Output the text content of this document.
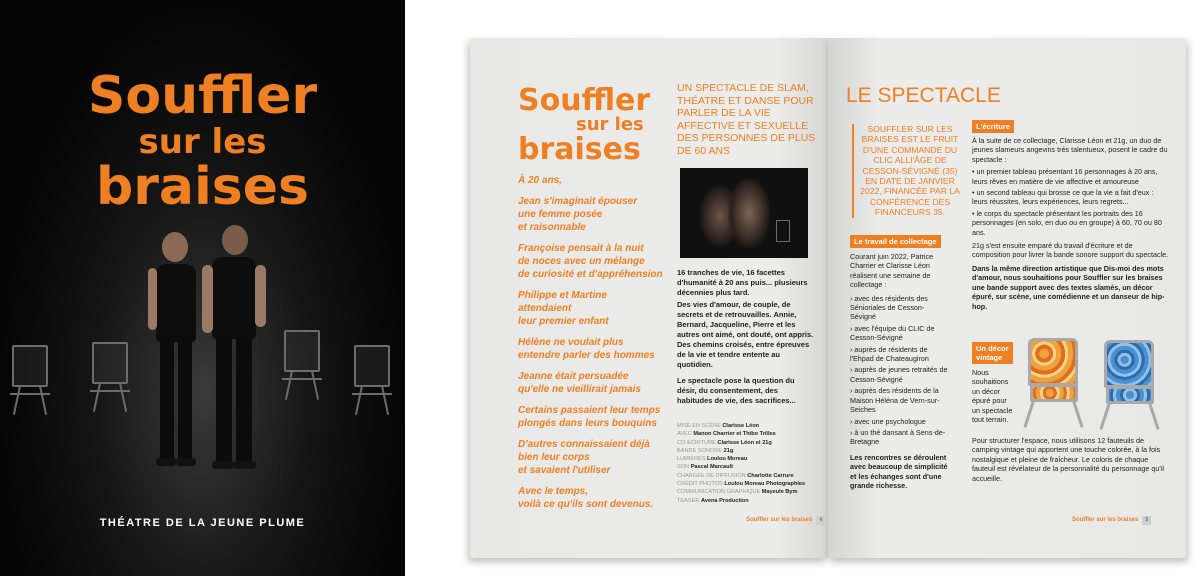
Souffler
sur les
braises
THÉATRE DE LA JEUNE PLUME
Souffler
sur les
braises
UN SPECTACLE DE SLAM, THÉATRE ET DANSE POUR PARLER DE LA VIE AFFECTIVE ET SEXUELLE DES PERSONNES DE PLUS DE 60 ANS
À 20 ans,
Jean s'imaginait épouser
une femme posée
et raisonnable
Françoise pensait à la nuit
de noces avec un mélange
de curiosité et d'appréhension
Philippe et Martine
attendaient
leur premier enfant
Hélène ne voulait plus
entendre parler des hommes
Jeanne était persuadée
qu'elle ne vieillirait jamais
Certains passaient leur temps
plongés dans leurs bouquins
D'autres connaissaient déjà
bien leur corps
et savaient l'utiliser
Avec le temps,
voilà ce qu'ils sont devenus.
16 tranches de vie, 16 facettes d'humanité à 20 ans puis... plusieurs décennies plus tard.
Des vies d'amour, de couple, de secrets et de retrouvailles. Annie, Bernard, Jacqueline, Pierre et les autres ont aimé, ont douté, ont appris. Des chemins croisés, entre épreuves de la vie et tendre entente au quotidien.
Le spectacle pose la question du désir, du consentement, des habitudes de vie, des sacrifices...
MISE EN SCÈNE Clarisse Léon
AVEC Manon Charrier et Thibo Trilles
CO-ÉCRITURE Clarisse Léon et 21g
BANDE SONORE 21g
LUMIÈRES Loulou Moreau
SON Pascal Marcault
CHARGÉE DE DIFFUSION Charlotte Carrure
CRÉDIT PHOTOS Loulou Moreau Photographies
COMMUNICATION GRAPHIQUE Mayeule Bym
TEASER Avena Production
Souffler sur les braises 4
LE SPECTACLE
SOUFFLER SUR LES BRAISES EST LE FRUIT D'UNE COMMANDE DU CLIC ALLI'ÂGE DE CESSON-SÉVIGNÉ (35) EN DATE DE JANVIER 2022, FINANCÉE PAR LA CONFÉRENCE DES FINANCEURS 35.
Le travail de collectage

Courant juin 2022, Patrice Charrier et Clarisse Léon réalisent une semaine de collectage :

› avec des résidents des Sénioriales de Cesson-Sévigné
› avec l'équipe du CLIC de Cesson-Sévigné
› auprès de résidents de l'Ehpad de Chateaugiron
› auprès de jeunes retraités de Cesson-Sévigné
› auprès des résidents de la Maison Héléna de Vern-sur-Seiches
› avec une psychologue
› à un thé dansant à Sens-de-Bretagne

Les rencontres se déroulent avec beaucoup de simplicité et les échanges sont d'une grande richesse.

L'écriture

À la suite de ce collectage, Clarisse Léon et 21g, un duo de jeunes slameurs angevins très talentueux, posent le cadre du spectacle :

• un premier tableau présentant 16 personnages à 20 ans, leurs rêves en matière de vie affective et amoureuse
• un second tableau qui brosse ce que la vie a fait d'eux : leurs réussites, leurs expériences, leurs regrets...
• le corps du spectacle présentant les portraits des 16 personnages (en solo, en duo ou en groupe) à 60, 70 ou 80 ans.

21g s'est ensuite emparé du travail d'écriture et de composition pour livrer la bande sonore support du spectacle.

Dans la même direction artistique que Dis-moi des mots d'amour, nous souhaitions pour Souffler sur les braises une bande support avec des textes slamés, un décor épuré, sur scène, une comédienne et un danseur de hip-hop.

Un décor
vintage
Nous souhaitions un décor épuré pour un spectacle tout terrain.
Pour structurer l'espace, nous utilisons 12 fauteuils de camping vintage qui apportent une touche colorée, à la fois nostalgique et pleine de fraîcheur. Le coloris de chaque fauteuil est révélateur de la personnalité du personnage qu'il accueille.
Souffler sur les braises 5
